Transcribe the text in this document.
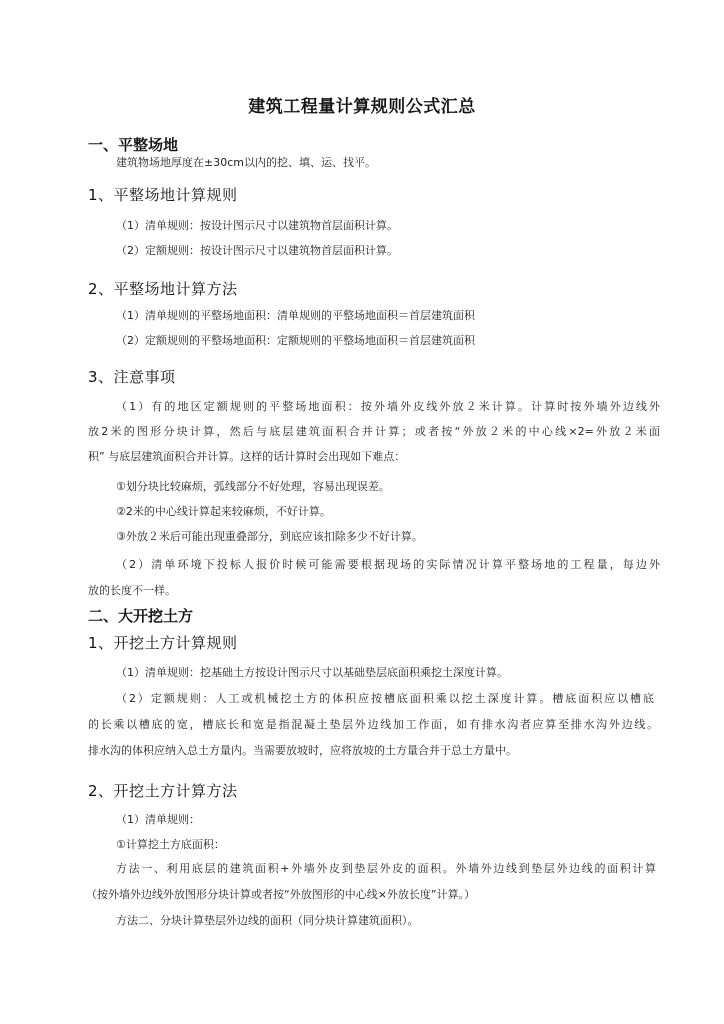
建筑工程量计算规则公式汇总
一、平整场地
建筑物场地厚度在±30cm以内的挖、填、运、找平。
1、平整场地计算规则
（1）清单规则：按设计图示尺寸以建筑物首层面积计算。
（2）定额规则：按设计图示尺寸以建筑物首层面积计算。
2、平整场地计算方法
（1）清单规则的平整场地面积：清单规则的平整场地面积＝首层建筑面积
（2）定额规则的平整场地面积：定额规则的平整场地面积＝首层建筑面积
3、注意事项
（1）有的地区定额规则的平整场地面积：按外墙外皮线外放２米计算。计算时按外墙外边线外
放2米的图形分块计算，然后与底层建筑面积合并计算；或者按“外放２米的中心线×2=外放２米面
积” 与底层建筑面积合并计算。这样的话计算时会出现如下难点：
①划分块比较麻烦，弧线部分不好处理，容易出现误差。
②2米的中心线计算起来较麻烦，不好计算。
③外放２米后可能出现重叠部分，到底应该扣除多少不好计算。
（2）清单环境下投标人报价时候可能需要根据现场的实际情况计算平整场地的工程量，每边外
放的长度不一样。
二、大开挖土方
1、开挖土方计算规则
（1）清单规则：挖基础土方按设计图示尺寸以基础垫层底面积乘挖土深度计算。
（2）定额规则：人工或机械挖土方的体积应按槽底面积乘以挖土深度计算。槽底面积应以槽底
的长乘以槽底的宽，槽底长和宽是指混凝土垫层外边线加工作面，如有排水沟者应算至排水沟外边线。
排水沟的体积应纳入总土方量内。当需要放坡时，应将放坡的土方量合并于总土方量中。
2、开挖土方计算方法
（1）清单规则：
①计算挖土方底面积：
方法一、利用底层的建筑面积+外墙外皮到垫层外皮的面积。外墙外边线到垫层外边线的面积计算
（按外墙外边线外放图形分块计算或者按“外放图形的中心线×外放长度”计算。）
方法二、分块计算垫层外边线的面积（同分块计算建筑面积）。
